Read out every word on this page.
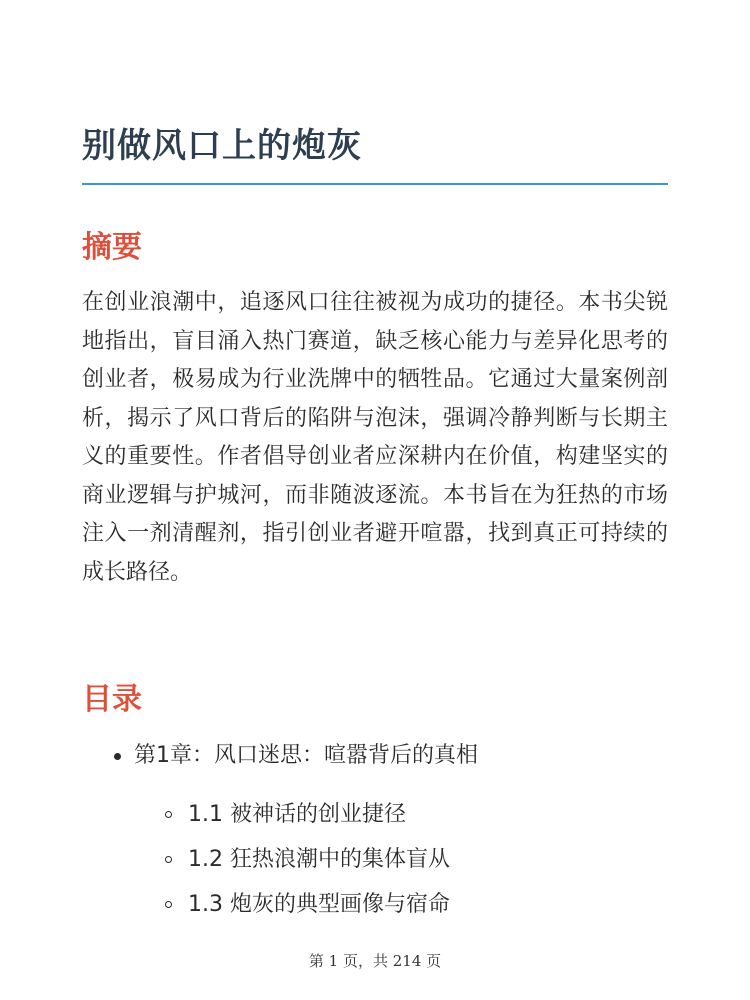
别做风口上的炮灰
摘要

在创业浪潮中，追逐风口往往被视为成功的捷径。本书尖锐地指出，盲目涌入热门赛道，缺乏核心能力与差异化思考的创业者，极易成为行业洗牌中的牺牲品。它通过大量案例剖析，揭示了风口背后的陷阱与泡沫，强调冷静判断与长期主义的重要性。作者倡导创业者应深耕内在价值，构建坚实的商业逻辑与护城河，而非随波逐流。本书旨在为狂热的市场注入一剂清醒剂，指引创业者避开喧嚣，找到真正可持续的成长路径。

目录
第1章：风口迷思：喧嚣背后的真相
1.1 被神话的创业捷径
1.2 狂热浪潮中的集体盲从
1.3 炮灰的典型画像与宿命
第 1 页，共 214 页
